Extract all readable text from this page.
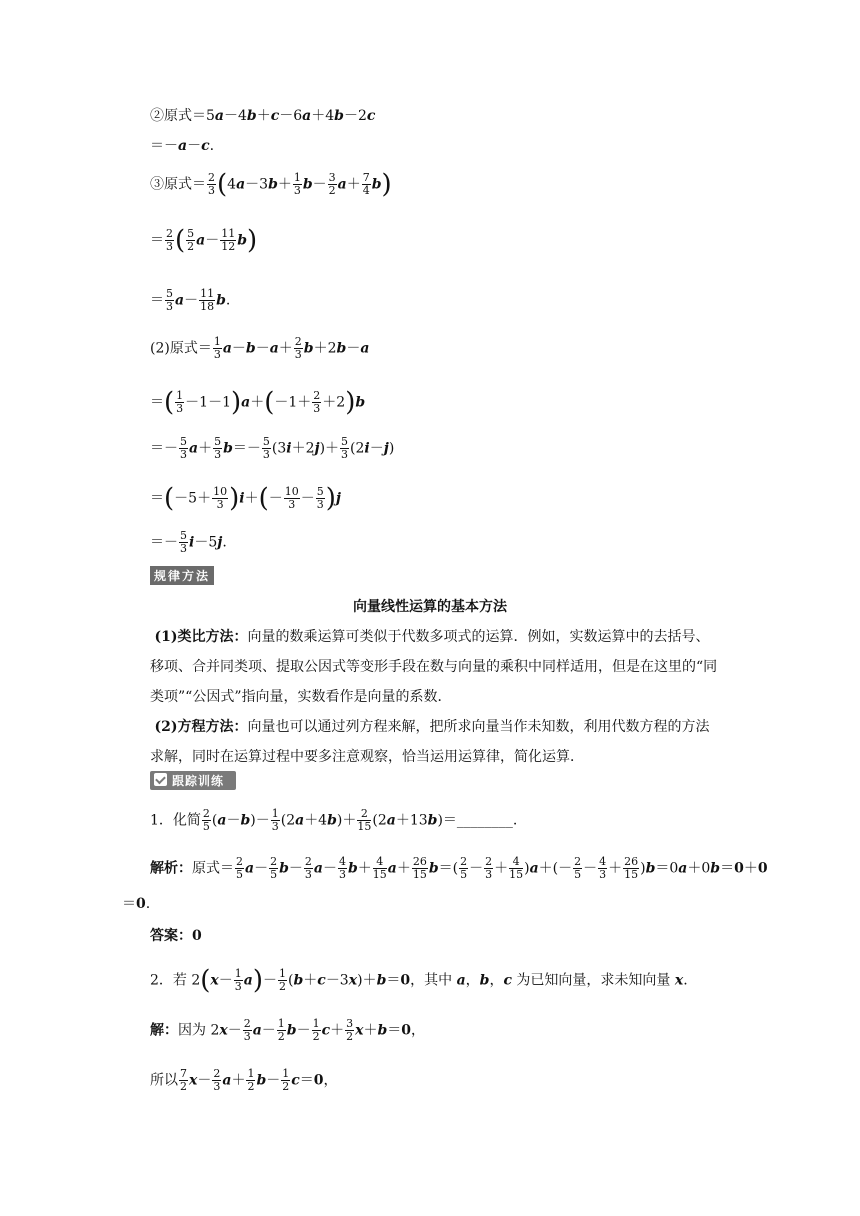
②原式＝5a－4b＋c－6a＋4b－2c
＝－a－c.
③原式＝ $\frac{2}{3} (4a-3b+ \frac{1}{3} b- \frac{3}{2} a+ \frac{7}{4} b)$
＝ $\frac{2}{3}$ ( $\frac{5}{2} a- \frac{11}{12} b$)
＝ $\frac{5}{3} a- \frac{11}{18} b$.
(2)原式＝ $\frac{1}{3} a-b-a+ \frac{2}{3} b+2b-a$
＝( $\frac{1}{3} -1-1)a+(-1+ \frac{2}{3} +2)b$
＝－ $\frac{5}{3} a+ \frac{5}{3} b=- \frac{5}{3} (3i+2j)+ \frac{5}{3} (2i-j)$
$=(-5+ \frac{10}{3} )i+(- \frac{10}{3} - \frac{5}{3} )j$
＝－ $\frac{5}{3} i-5j$.
规律方法
向量线性运算的基本方法
(1)类比方法：向量的数乘运算可类似于代数多项式的运算．例如，实数运算中的去括号、移项、合并同类项、提取公因式等变形手段在数与向量的乘积中同样适用，但是在这里的“同类项”“公因式”指向量，实数看作是向量的系数．
(2)方程方法：向量也可以通过列方程来解，把所求向量当作未知数，利用代数方程的方法求解，同时在运算过程中要多注意观察，恰当运用运算律，简化运算．
跟踪训练
1．化简 $\frac{2}{5} (a-b)- \frac{1}{3} (2a+4b)+ \frac{2}{15}$ (2a＋13b)＝________.
解析：原式＝ $\frac{2}{5} a- \frac{2}{5} b- \frac{2}{3} a- \frac{4}{3} b+ \frac{4}{15} a+ \frac{26}{15} b=( \frac{2}{5} - \frac{2}{3} + \frac{4}{15} )a+(- \frac{2}{5} - \frac{4}{3} + \frac{26}{15} )b=0a+0b=0+0$
＝0.
答案：0
2．若 $2(x- \frac{1}{3} a)- \frac{1}{2} (b+c-3x)+b=0$，其中 a，b，c 为已知向量，求未知向量 x.
解：因为 $2x- \frac{2}{3} a- \frac{1}{2} b- \frac{1}{2} c+ \frac{3}{2} x+b=0$，
所以 $\frac{7}{2} x- \frac{2}{3} a+ \frac{1}{2} b- \frac{1}{2} c=0$，
